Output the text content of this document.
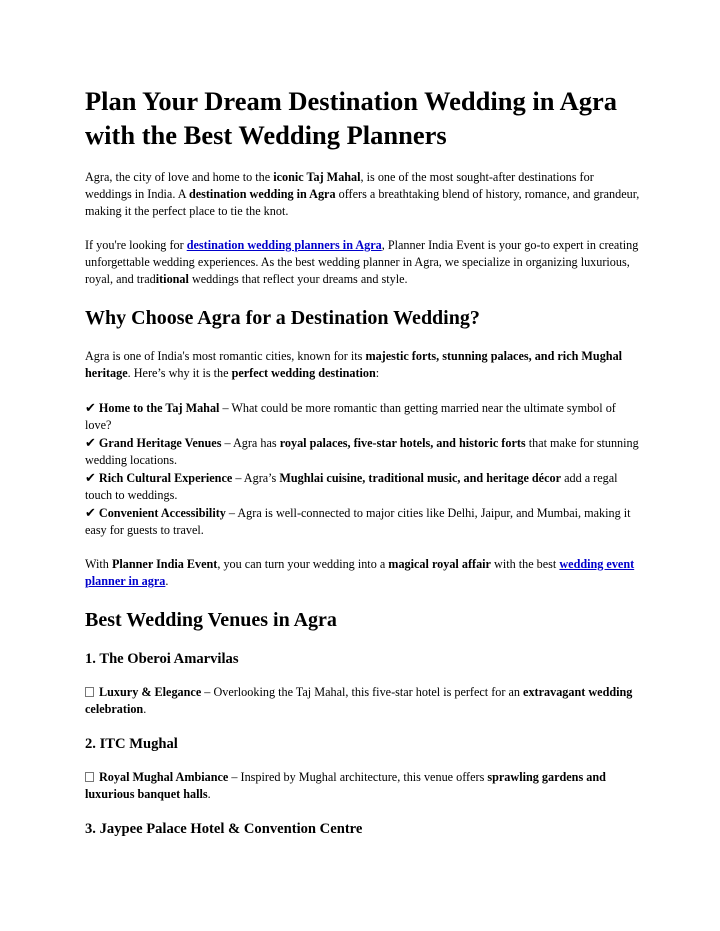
Plan Your Dream Destination Wedding in Agra with the Best Wedding Planners

Agra, the city of love and home to the iconic Taj Mahal, is one of the most sought-after destinations for weddings in India. A destination wedding in Agra offers a breathtaking blend of history, romance, and grandeur, making it the perfect place to tie the knot.

If you're looking for destination wedding planners in Agra, Planner India Event is your go-to expert in creating unforgettable wedding experiences. As the best wedding planner in Agra, we specialize in organizing luxurious, royal, and traditional weddings that reflect your dreams and style.

Why Choose Agra for a Destination Wedding?

Agra is one of India's most romantic cities, known for its majestic forts, stunning palaces, and rich Mughal heritage. Here’s why it is the perfect wedding destination:

✔ Home to the Taj Mahal – What could be more romantic than getting married near the ultimate symbol of love?
✔ Grand Heritage Venues – Agra has royal palaces, five-star hotels, and historic forts that make for stunning wedding locations.
✔ Rich Cultural Experience – Agra’s Mughlai cuisine, traditional music, and heritage décor add a regal touch to weddings.
✔ Convenient Accessibility – Agra is well-connected to major cities like Delhi, Jaipur, and Mumbai, making it easy for guests to travel.

With Planner India Event, you can turn your wedding into a magical royal affair with the best wedding event planner in agra.

Best Wedding Venues in Agra
1. The Oberoi Amarvilas

Luxury & Elegance – Overlooking the Taj Mahal, this five-star hotel is perfect for an extravagant wedding celebration.

2. ITC Mughal

Royal Mughal Ambiance – Inspired by Mughal architecture, this venue offers sprawling gardens and luxurious banquet halls.

3. Jaypee Palace Hotel & Convention Centre
